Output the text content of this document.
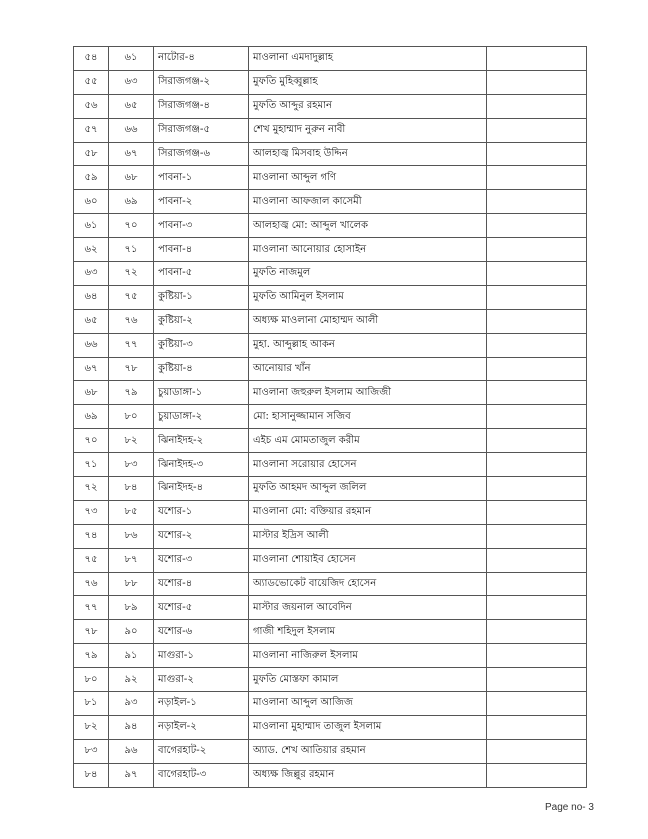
৫৪	৬১	নাটোর-৪	মাওলানা এমদাদুল্লাহ	
৫৫	৬৩	সিরাজগঞ্জ-২	মুফতি মুহিব্বুল্লাহ	
৫৬	৬৫	সিরাজগঞ্জ-৪	মুফতি আব্দুর রহমান	
৫৭	৬৬	সিরাজগঞ্জ-৫	শেখ মুহাম্মাদ নুরুন নাবী	
৫৮	৬৭	সিরাজগঞ্জ-৬	আলহাজ্ব মিসবাহ উদ্দিন	
৫৯	৬৮	পাবনা-১	মাওলানা আব্দুল গণি	
৬০	৬৯	পাবনা-২	মাওলানা আফজাল কাসেমী	
৬১	৭০	পাবনা-৩	আলহাজ্ব মো: আব্দুল খালেক	
৬২	৭১	পাবনা-৪	মাওলানা আনোয়ার হোসাইন	
৬৩	৭২	পাবনা-৫	মুফতি নাজমুল	
৬৪	৭৫	কুষ্টিয়া-১	মুফতি আমিনুল ইসলাম	
৬৫	৭৬	কুষ্টিয়া-২	অধ্যক্ষ মাওলানা মোহাম্মদ আলী	
৬৬	৭৭	কুষ্টিয়া-৩	মুহা. আব্দুল্লাহ আকন	
৬৭	৭৮	কুষ্টিয়া-৪	আনোয়ার খাঁন	
৬৮	৭৯	চুয়াডাঙ্গা-১	মাওলানা জহুরুল ইসলাম আজিজী	
৬৯	৮০	চুয়াডাঙ্গা-২	মো: হাসানুজ্জামান সজিব	
৭০	৮২	ঝিনাইদহ-২	এইচ এম মোমতাজুল করীম	
৭১	৮৩	ঝিনাইদহ-৩	মাওলানা সরোয়ার হোসেন	
৭২	৮৪	ঝিনাইদহ-৪	মুফতি আহমদ আব্দুল জলিল	
৭৩	৮৫	যশোর-১	মাওলানা মো: বক্তিয়ার রহমান	
৭৪	৮৬	যশোর-২	মাস্টার ইদ্রিস আলী	
৭৫	৮৭	যশোর-৩	মাওলানা শোয়াইব হোসেন	
৭৬	৮৮	যশোর-৪	অ্যাডভোকেট বায়েজিদ হোসেন	
৭৭	৮৯	যশোর-৫	মাস্টার জয়নাল আবেদিন	
৭৮	৯০	যশোর-৬	গাজী শহিদুল ইসলাম	
৭৯	৯১	মাগুরা-১	মাওলানা নাজিরুল ইসলাম	
৮০	৯২	মাগুরা-২	মুফতি মোস্তফা কামাল	
৮১	৯৩	নড়াইল-১	মাওলানা আব্দুল আজিজ	
৮২	৯৪	নড়াইল-২	মাওলানা মুহাম্মাদ তাজুল ইসলাম	
৮৩	৯৬	বাগেরহাট-২	অ্যাড. শেখ আতিয়ার রহমান	
৮৪	৯৭	বাগেরহাট-৩	অধ্যক্ষ জিল্লুর রহমান	
Page no- 3
